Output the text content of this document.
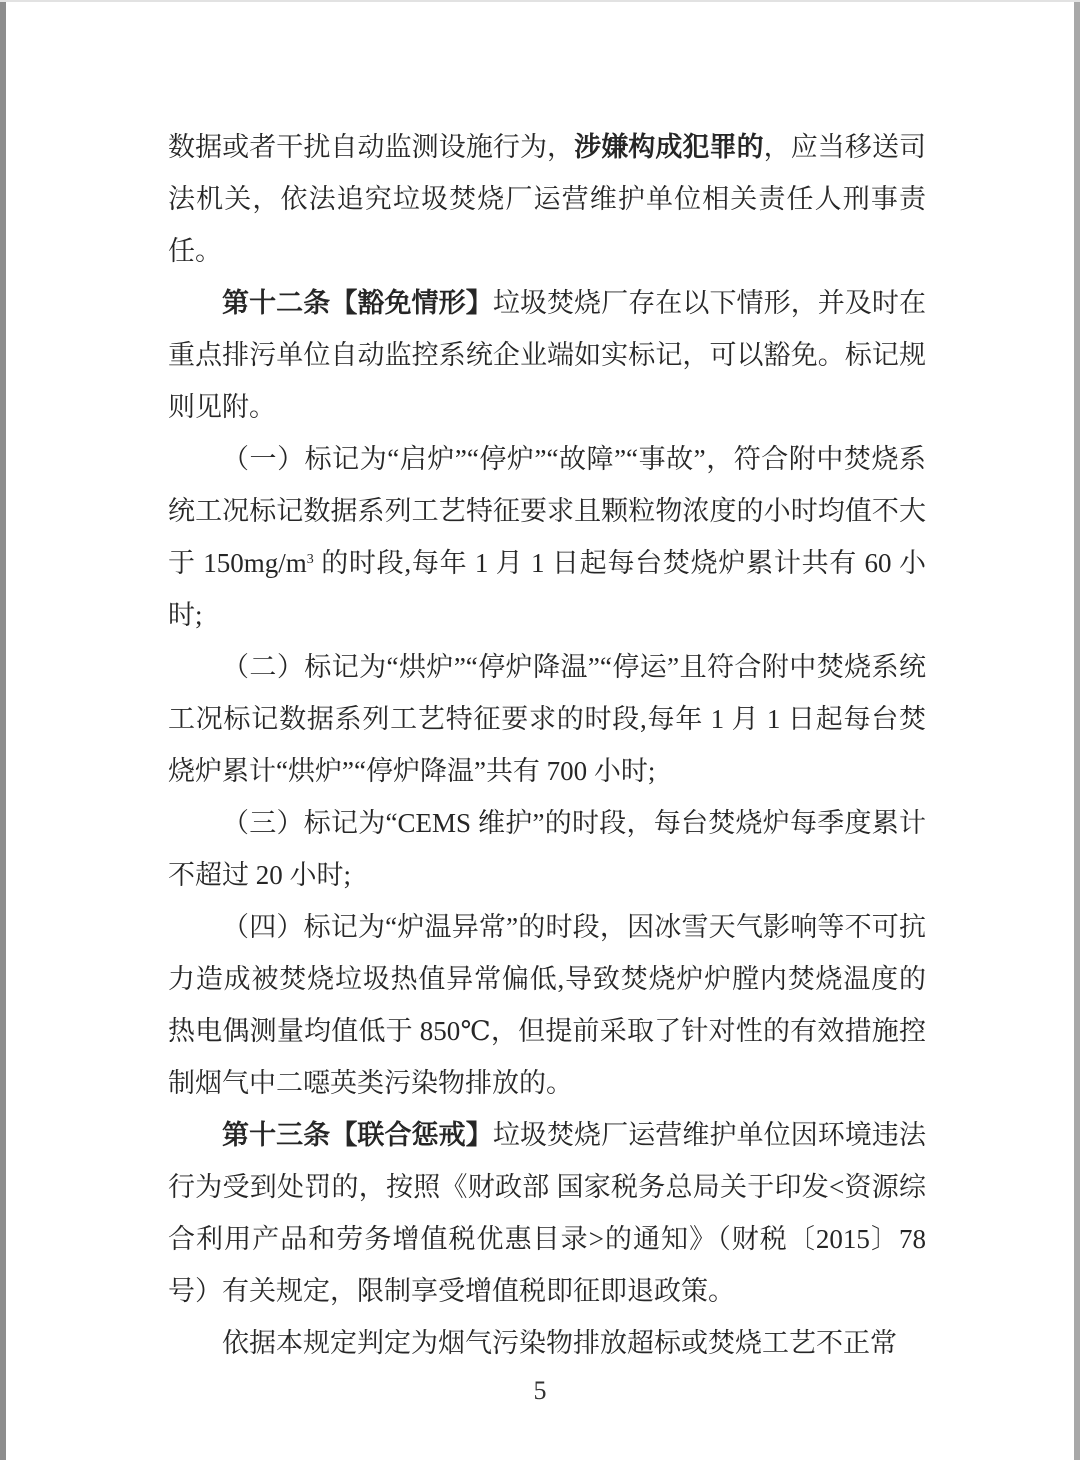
数据或者干扰自动监测设施行为，涉嫌构成犯罪的，应当移送司法机关，依法追究垃圾焚烧厂运营维护单位相关责任人刑事责任。

第十二条【豁免情形】垃圾焚烧厂存在以下情形，并及时在重点排污单位自动监控系统企业端如实标记，可以豁免。标记规则见附。

（一）标记为“启炉”“停炉”“故障”“事故”，符合附中焚烧系统工况标记数据系列工艺特征要求且颗粒物浓度的小时均值不大于 $150mg/m^3$ 的时段,每年 1 月 1 日起每台焚烧炉累计共有 60 小时;

（二）标记为“烘炉”“停炉降温”“停运”且符合附中焚烧系统工况标记数据系列工艺特征要求的时段,每年 1 月 1 日起每台焚烧炉累计“烘炉”“停炉降温”共有 700 小时;

（三）标记为“CEMS 维护”的时段，每台焚烧炉每季度累计不超过 20 小时;

（四）标记为“炉温异常”的时段，因冰雪天气影响等不可抗力造成被焚烧垃圾热值异常偏低,导致焚烧炉炉膛内焚烧温度的热电偶测量均值低于 850℃，但提前采取了针对性的有效措施控制烟气中二噁英类污染物排放的。

第十三条【联合惩戒】垃圾焚烧厂运营维护单位因环境违法行为受到处罚的，按照《财政部 国家税务总局关于印发<资源综合利用产品和劳务增值税优惠目录>的通知》（财税〔2015〕78 号）有关规定，限制享受增值税即征即退政策。

依据本规定判定为烟气污染物排放超标或焚烧工艺不正常

5
